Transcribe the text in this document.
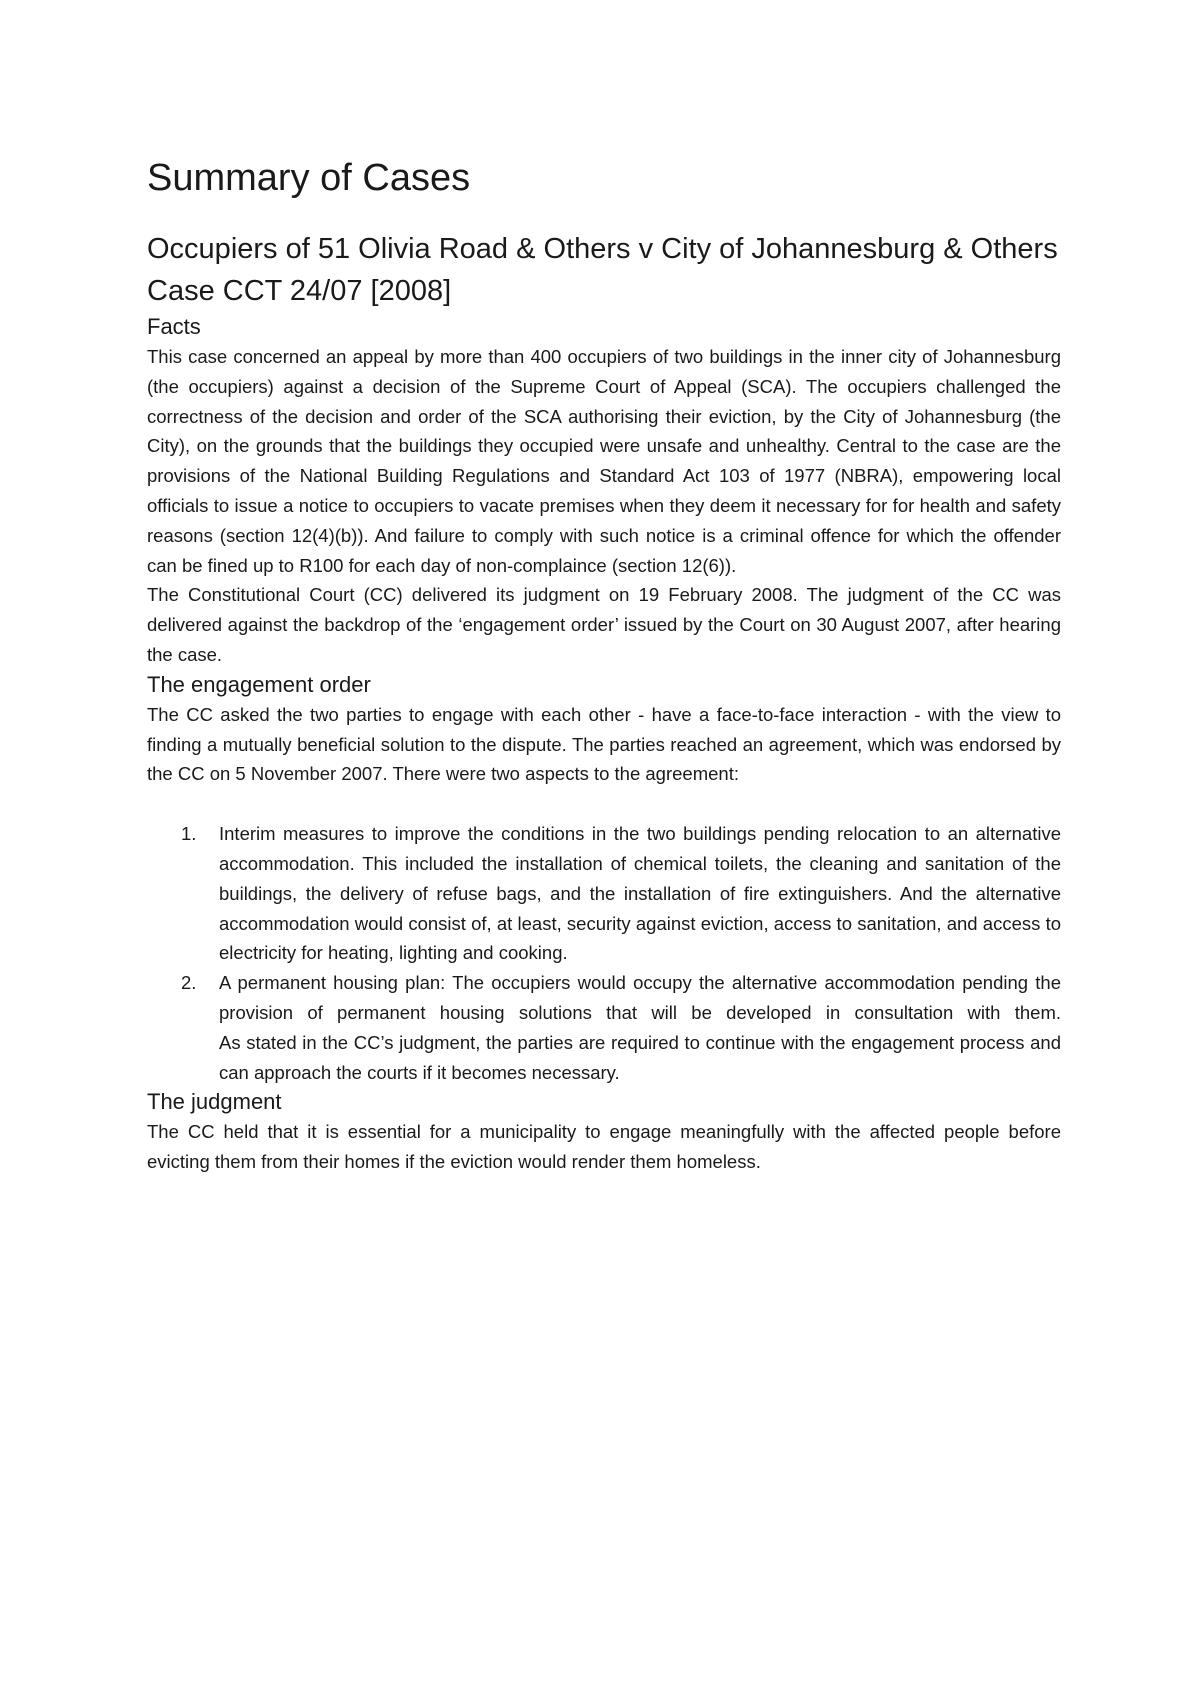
Summary of Cases
Occupiers of 51 Olivia Road & Others v City of Johannesburg & Others Case CCT 24/07 [2008]
Facts

This case concerned an appeal by more than 400 occupiers of two buildings in the inner city of Johannesburg (the occupiers) against a decision of the Supreme Court of Appeal (SCA). The occupiers challenged the correctness of the decision and order of the SCA authorising their eviction, by the City of Johannesburg (the City), on the grounds that the buildings they occupied were unsafe and unhealthy. Central to the case are the provisions of the National Building Regulations and Standard Act 103 of 1977 (NBRA), empowering local officials to issue a notice to occupiers to vacate premises when they deem it necessary for for health and safety reasons (section 12(4)(b)). And failure to comply with such notice is a criminal offence for which the offender can be fined up to R100 for each day of non-complaince (section 12(6)).

The Constitutional Court (CC) delivered its judgment on 19 February 2008. The judgment of the CC was delivered against the backdrop of the ‘engagement order’ issued by the Court on 30 August 2007, after hearing the case.

The engagement order

The CC asked the two parties to engage with each other - have a face-to-face interaction - with the view to finding a mutually beneficial solution to the dispute. The parties reached an agreement, which was endorsed by the CC on 5 November 2007. There were two aspects to the agreement:

1. Interim measures to improve the conditions in the two buildings pending relocation to an alternative accommodation. This included the installation of chemical toilets, the cleaning and sanitation of the buildings, the delivery of refuse bags, and the installation of fire extinguishers. And the alternative accommodation would consist of, at least, security against eviction, access to sanitation, and access to electricity for heating, lighting and cooking.
2. A permanent housing plan: The occupiers would occupy the alternative accommodation pending the provision of permanent housing solutions that will be developed in consultation with them.
As stated in the CC’s judgment, the parties are required to continue with the engagement process and can approach the courts if it becomes necessary.
The judgment

The CC held that it is essential for a municipality to engage meaningfully with the affected people before evicting them from their homes if the eviction would render them homeless.
